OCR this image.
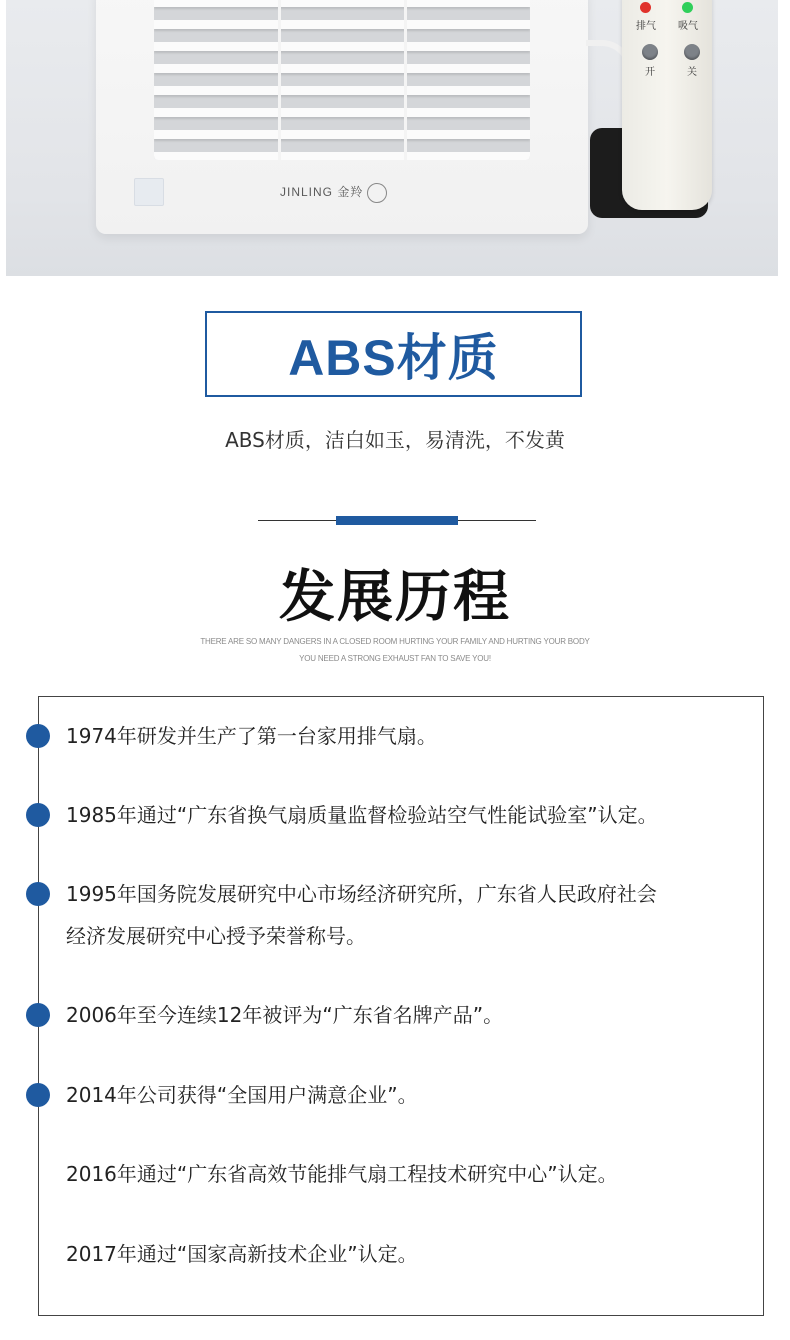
JINLING 金羚
排气 吸气
开	关
ABS材质
ABS材质，洁白如玉，易清洗，不发黄
发展历程
THERE ARE SO MANY DANGERS IN A CLOSED ROOM HURTING YOUR FAMILY AND HURTING YOUR BODY
YOU NEED A STRONG EXHAUST FAN TO SAVE YOU!
1974年研发并生产了第一台家用排气扇。
1985年通过“广东省换气扇质量监督检验站空气性能试验室”认定。
1995年国务院发展研究中心市场经济研究所，广东省人民政府社会
经济发展研究中心授予荣誉称号。
2006年至今连续12年被评为“广东省名牌产品”。
2014年公司获得“全国用户满意企业”。
2016年通过“广东省高效节能排气扇工程技术研究中心”认定。
2017年通过“国家高新技术企业”认定。
